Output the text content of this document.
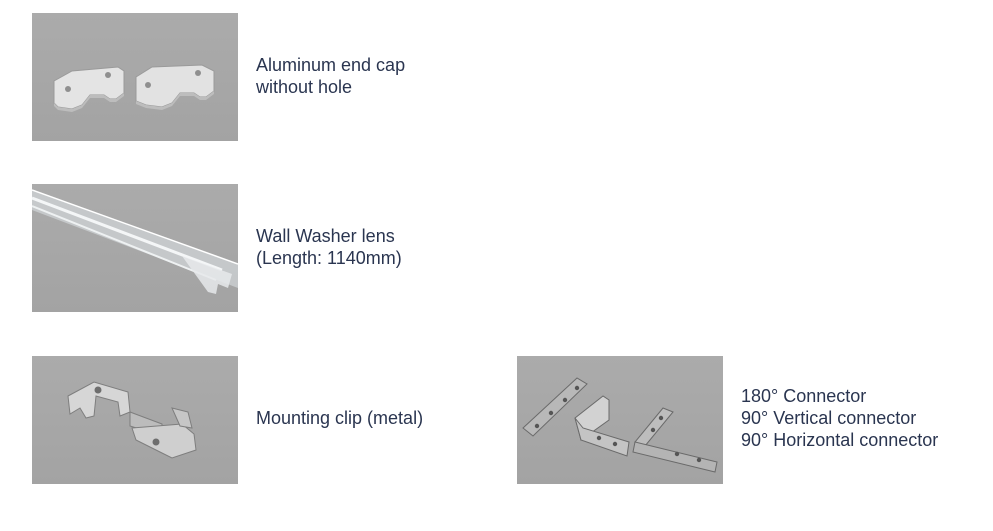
Aluminum end cap
without hole
Wall Washer lens
(Length: 1140mm)
Mounting clip (metal)
180° Connector
90° Vertical connector
90° Horizontal connector
